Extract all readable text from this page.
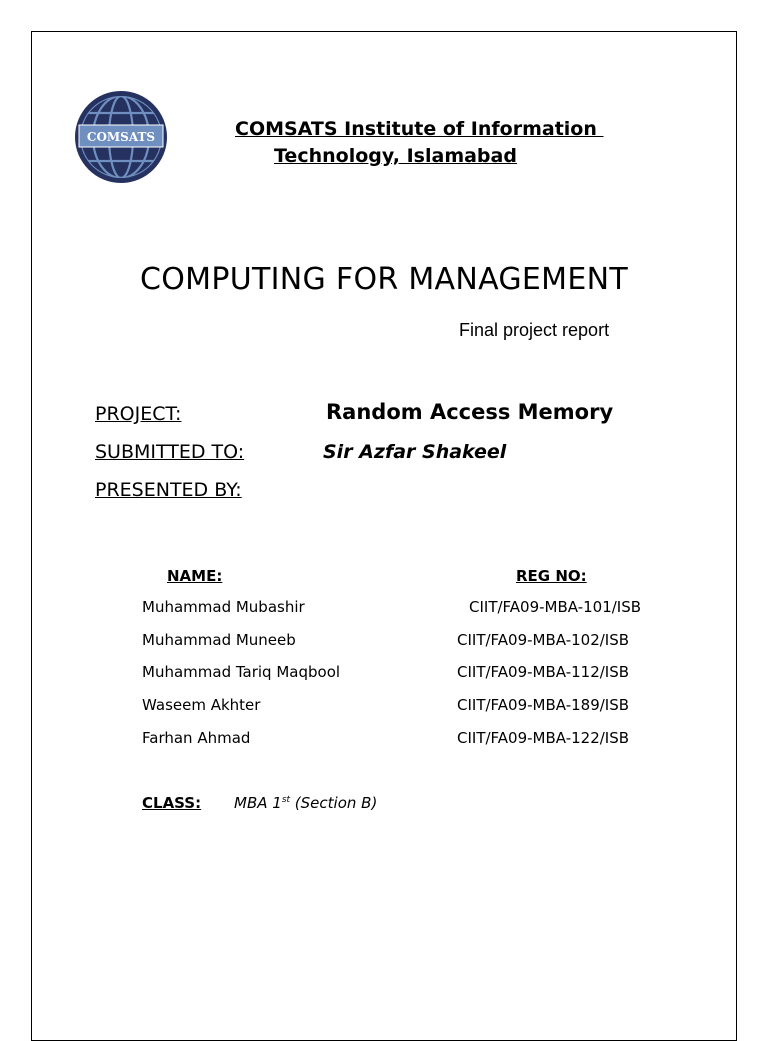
COMSATS	COMSATS Institute of Information
Technology, Islamabad
COMPUTING FOR MANAGEMENT
Final project report
PROJECT:	Random Access Memory
SUBMITTED TO:	Sir Azfar Shakeel
PRESENTED BY:
NAME:	REG NO:
Muhammad Mubashir	CIIT/FA09-MBA-101/ISB
Muhammad Muneeb	CIIT/FA09-MBA-102/ISB
Muhammad Tariq Maqbool	CIIT/FA09-MBA-112/ISB
Waseem Akhter	CIIT/FA09-MBA-189/ISB
Farhan Ahmad	CIIT/FA09-MBA-122/ISB
CLASS: MBA 1st (Section B)
